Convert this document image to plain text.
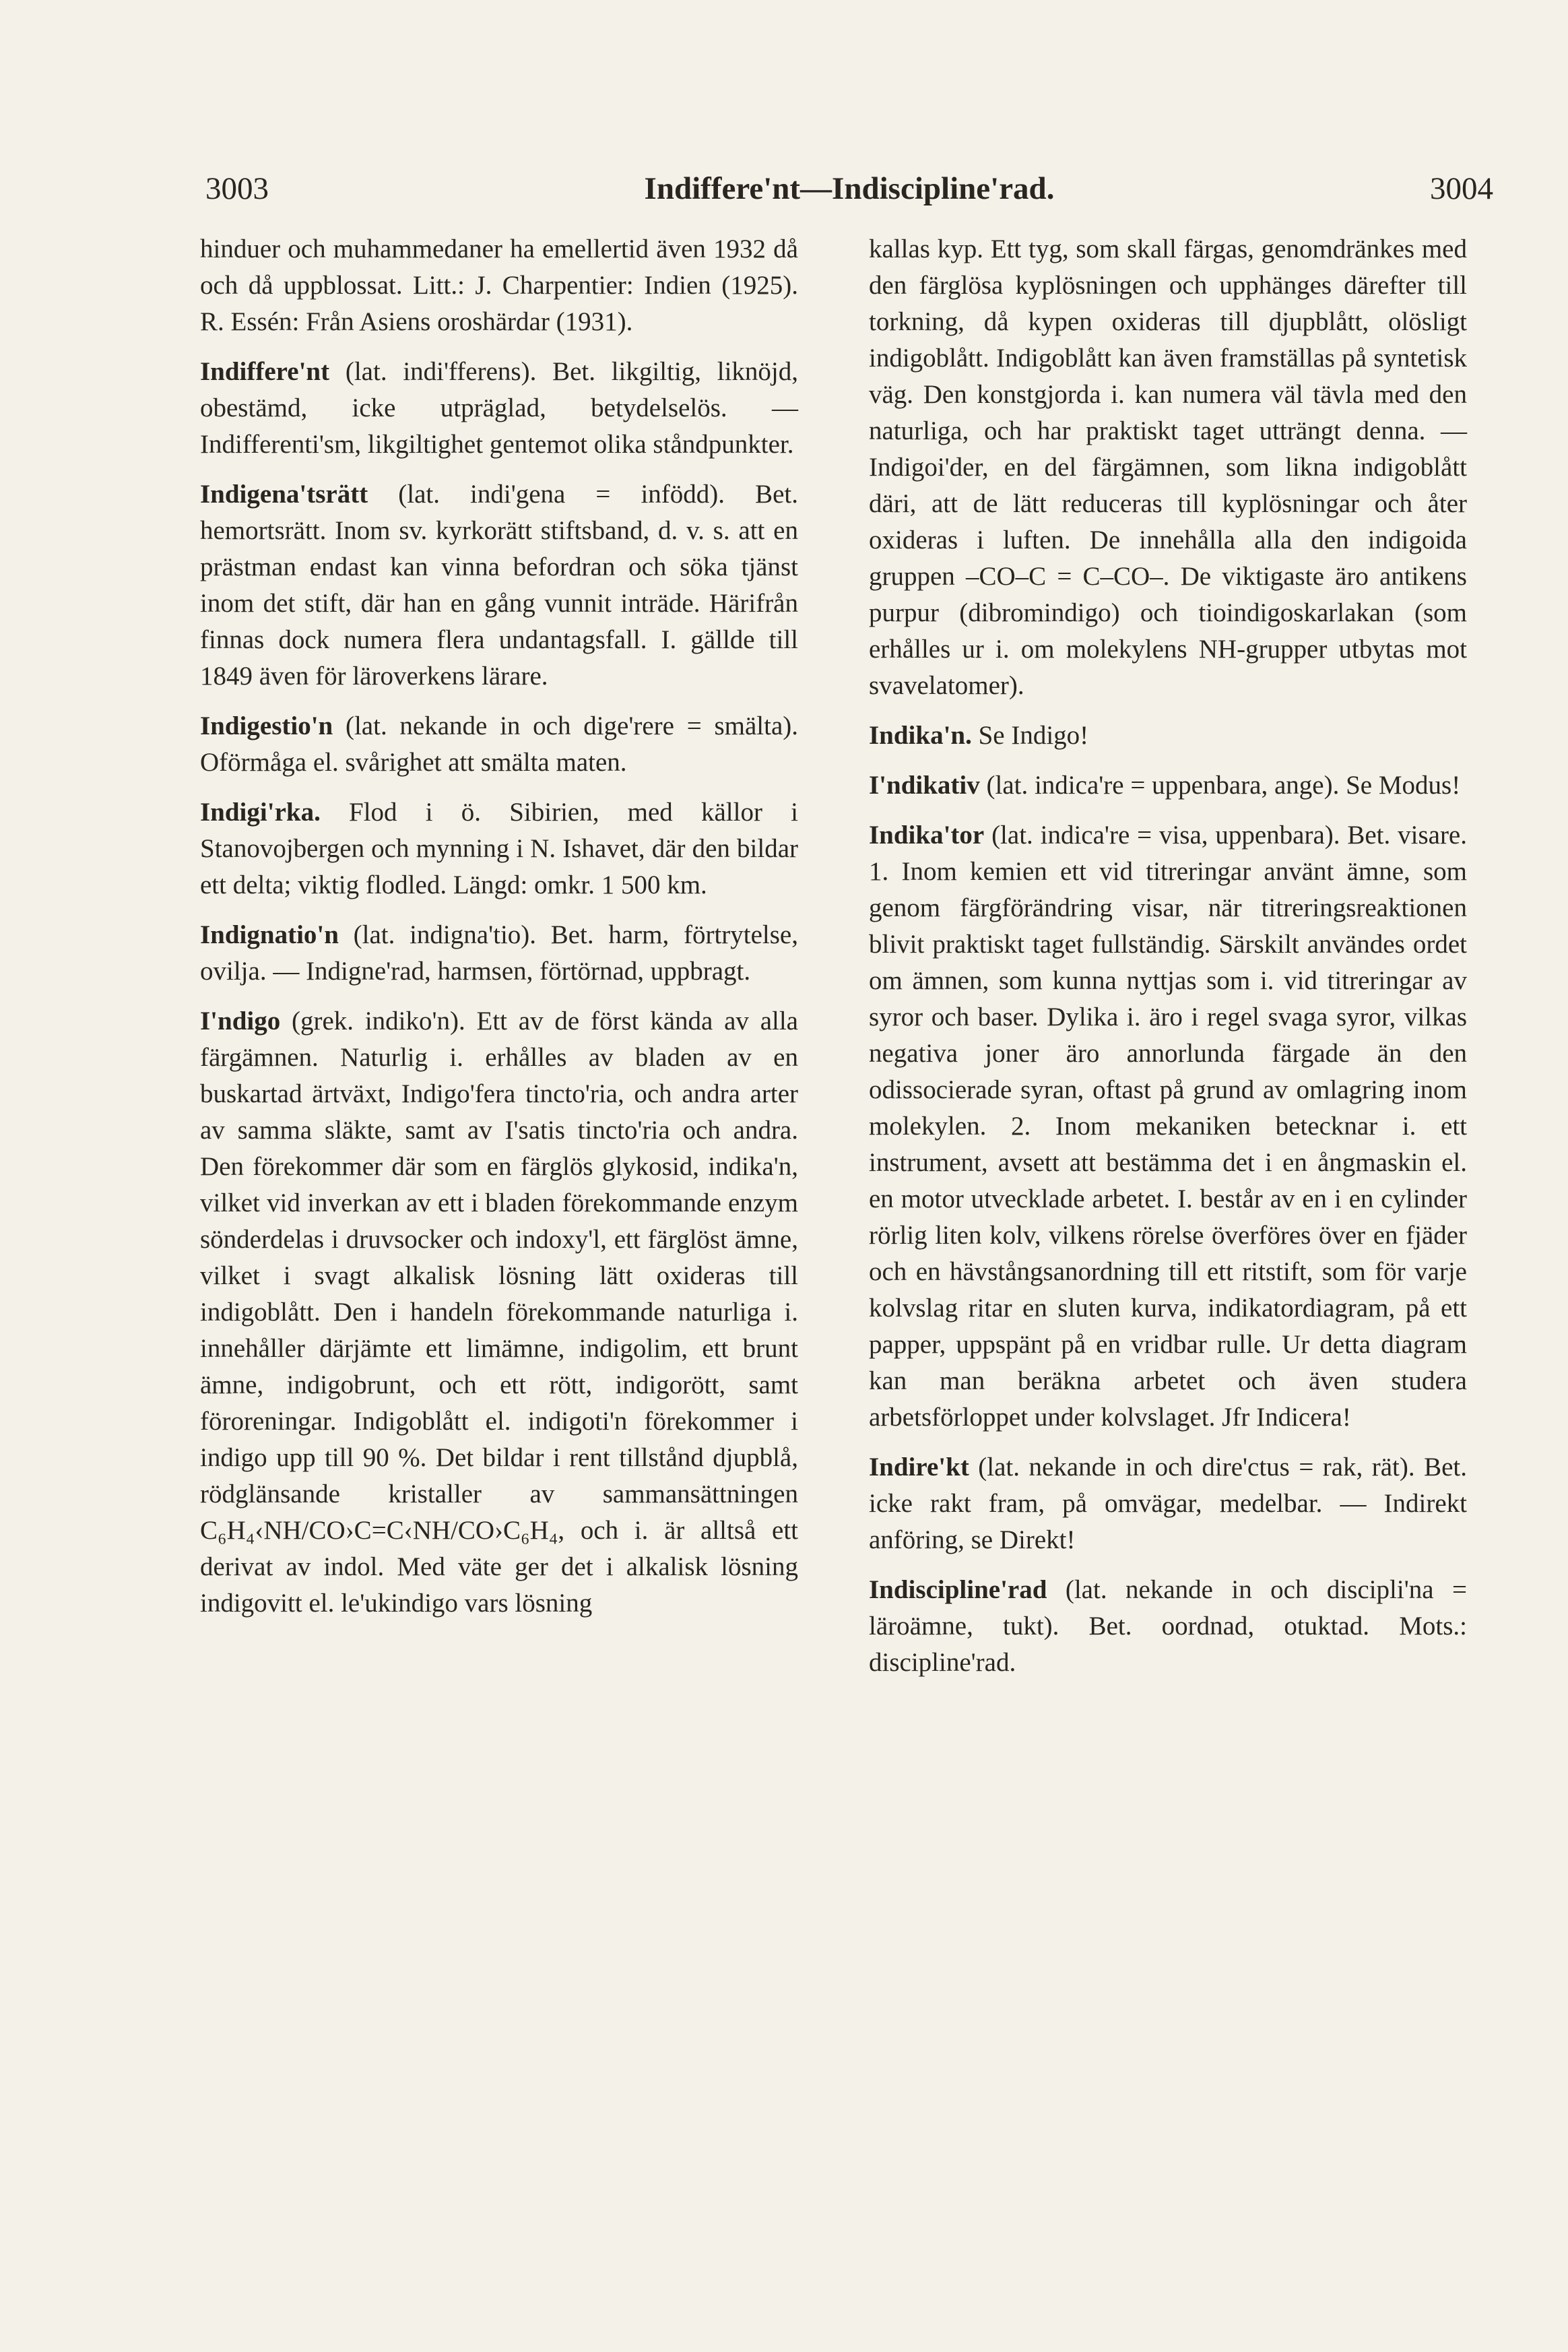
3003	Indiffere'nt—Indiscipline'rad.	3004

hinduer och muhammedaner ha emellertid även 1932 då och då uppblossat. Litt.: J. Charpentier: Indien (1925). R. Essén: Från Asiens oroshärdar (1931).

Indiffere'nt (lat. indi'fferens). Bet. likgiltig, liknöjd, obestämd, icke utpräglad, betydelselös. — Indifferenti'sm, likgiltighet gentemot olika ståndpunkter.

Indigena'tsrätt (lat. indi'gena = infödd). Bet. hemortsrätt. Inom sv. kyrkorätt stiftsband, d. v. s. att en prästman endast kan vinna befordran och söka tjänst inom det stift, där han en gång vunnit inträde. Härifrån finnas dock numera flera undantagsfall. I. gällde till 1849 även för läroverkens lärare.

Indigestio'n (lat. nekande in och dige'rere = smälta). Oförmåga el. svårighet att smälta maten.

Indigi'rka. Flod i ö. Sibirien, med källor i Stanovojbergen och mynning i N. Ishavet, där den bildar ett delta; viktig flodled. Längd: omkr. 1 500 km.

Indignatio'n (lat. indigna'tio). Bet. harm, förtrytelse, ovilja. — Indigne'rad, harmsen, förtörnad, uppbragt.

I'ndigo (grek. indiko'n). Ett av de först kända av alla färgämnen. Naturlig i. erhålles av bladen av en buskartad ärtväxt, Indigo'fera tincto'ria, och andra arter av samma släkte, samt av I'satis tincto'ria och andra. Den förekommer där som en färglös glykosid, indika'n, vilket vid inverkan av ett i bladen förekommande enzym sönderdelas i druvsocker och indoxy'l, ett färglöst ämne, vilket i svagt alkalisk lösning lätt oxideras till indigoblått. Den i handeln förekommande naturliga i. innehåller därjämte ett limämne, indigolim, ett brunt ämne, indigobrunt, och ett rött, indigorött, samt föroreningar. Indigoblått el. indigoti'n förekommer i indigo upp till 90 %. Det bildar i rent tillstånd djupblå, rödglänsande kristaller av sammansättningen C₆H₄‹NH/CO›C=C‹NH/CO›C₆H₄, och i. är alltså ett derivat av indol. Med väte ger det i alkalisk lösning indigovitt el. le'ukindigo vars lösning

kallas kyp. Ett tyg, som skall färgas, genomdränkes med den färglösa kyplösningen och upphänges därefter till torkning, då kypen oxideras till djupblått, olösligt indigoblått. Indigoblått kan även framställas på syntetisk väg. Den konstgjorda i. kan numera väl tävla med den naturliga, och har praktiskt taget utträngt denna. — Indigoi'der, en del färgämnen, som likna indigoblått däri, att de lätt reduceras till kyplösningar och åter oxideras i luften. De innehålla alla den indigoida gruppen –CO–C = C–CO–. De viktigaste äro antikens purpur (dibromindigo) och tioindigoskarlakan (som erhålles ur i. om molekylens NH-grupper utbytas mot svavelatomer).

Indika'n. Se Indigo!

I'ndikativ (lat. indica're = uppenbara, ange). Se Modus!

Indika'tor (lat. indica're = visa, uppenbara). Bet. visare. 1. Inom kemien ett vid titreringar använt ämne, som genom färgförändring visar, när titreringsreaktionen blivit praktiskt taget fullständig. Särskilt användes ordet om ämnen, som kunna nyttjas som i. vid titreringar av syror och baser. Dylika i. äro i regel svaga syror, vilkas negativa joner äro annorlunda färgade än den odissocierade syran, oftast på grund av omlagring inom molekylen. 2. Inom mekaniken betecknar i. ett instrument, avsett att bestämma det i en ångmaskin el. en motor utvecklade arbetet. I. består av en i en cylinder rörlig liten kolv, vilkens rörelse överföres över en fjäder och en hävstångsanordning till ett ritstift, som för varje kolvslag ritar en sluten kurva, indikatordiagram, på ett papper, uppspänt på en vridbar rulle. Ur detta diagram kan man beräkna arbetet och även studera arbetsförloppet under kolvslaget. Jfr Indicera!

Indire'kt (lat. nekande in och dire'ctus = rak, rät). Bet. icke rakt fram, på omvägar, medelbar. — Indirekt anföring, se Direkt!

Indiscipline'rad (lat. nekande in och discipli'na = läroämne, tukt). Bet. oordnad, otuktad. Mots.: discipline'rad.
